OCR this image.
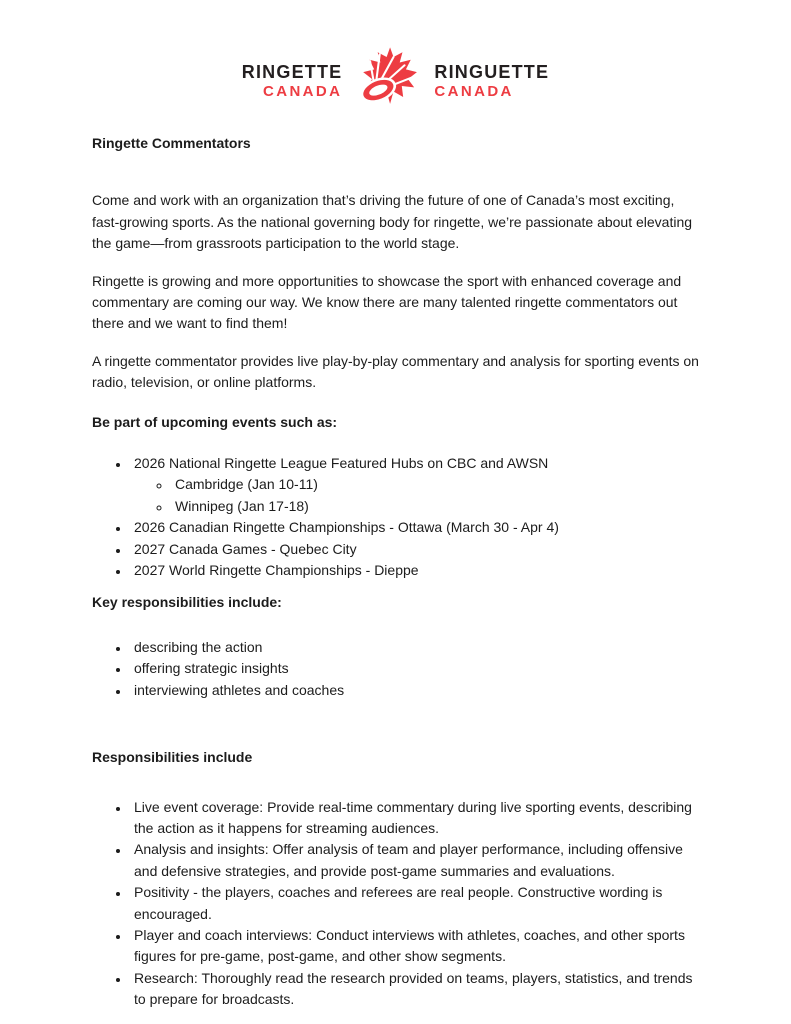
RINGETTE
CANADA
RINGUETTE
CANADA
Ringette Commentators

Come and work with an organization that’s driving the future of one of Canada’s most exciting, fast-growing sports. As the national governing body for ringette, we’re passionate about elevating the game—from grassroots participation to the world stage.

Ringette is growing and more opportunities to showcase the sport with enhanced coverage and commentary are coming our way. We know there are many talented ringette commentators out there and we want to find them!

A ringette commentator provides live play-by-play commentary and analysis for sporting events on radio, television, or online platforms.

Be part of upcoming events such as:
• 2026 National Ringette League Featured Hubs on CBC and AWSN
◦ Cambridge (Jan 10-11)
◦ Winnipeg (Jan 17-18)
• 2026 Canadian Ringette Championships - Ottawa (March 30 - Apr 4)
• 2027 Canada Games - Quebec City
• 2027 World Ringette Championships - Dieppe
Key responsibilities include:
• describing the action
• offering strategic insights
• interviewing athletes and coaches
Responsibilities include
• Live event coverage: Provide real-time commentary during live sporting events, describing the action as it happens for streaming audiences.
• Analysis and insights: Offer analysis of team and player performance, including offensive and defensive strategies, and provide post-game summaries and evaluations.
• Positivity - the players, coaches and referees are real people. Constructive wording is encouraged.
• Player and coach interviews: Conduct interviews with athletes, coaches, and other sports figures for pre-game, post-game, and other show segments.
• Research: Thoroughly read the research provided on teams, players, statistics, and trends to prepare for broadcasts.
